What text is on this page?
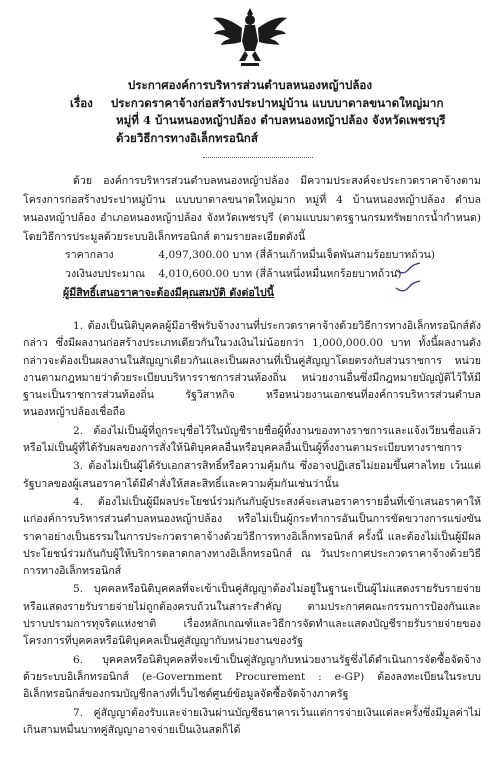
ประกาศองค์การบริหารส่วนตำบลหนองหญ้าปล้อง
เรื่อง ประกวดราคาจ้างก่อสร้างประปาหมู่บ้าน แบบบาดาลขนาดใหญ่มาก
หมู่ที่ 4 บ้านหนองหญ้าปล้อง ตำบลหนองหญ้าปล้อง จังหวัดเพชรบุรี
ด้วยวิธีการทางอิเล็กทรอนิกส์

ด้วย องค์การบริหารส่วนตำบลหนองหญ้าปล้อง มีความประสงค์จะประกวดราคาจ้างตามโครงการก่อสร้างประปาหมู่บ้าน แบบบาดาลขนาดใหญ่มาก หมู่ที่ 4 บ้านหนองหญ้าปล้อง ตำบลหนองหญ้าปล้อง อำเภอหนองหญ้าปล้อง จังหวัดเพชรบุรี (ตามแบบมาตรฐานกรมทรัพยากรน้ำกำหนด) โดยวิธีการประมูลด้วยระบบอิเล็กทรอนิกส์ ตามรายละเอียดดังนี้

ราคากลาง	4,097,300.00 บาท (สี่ล้านเก้าหมื่นเจ็ดพันสามร้อยบาทถ้วน)

วงเงินงบประมาณ 4,010,600.00 บาท (สี่ล้านหนึ่งหมื่นหกร้อยบาทถ้วน)

ผู้มีสิทธิ์เสนอราคาจะต้องมีคุณสมบัติ ดังต่อไปนี้

1. ต้องเป็นนิติบุคคลผู้มีอาชีพรับจ้างงานที่ประกวดราคาจ้างด้วยวิธีการทางอิเล็กทรอนิกส์ดังกล่าว ซึ่งมีผลงานก่อสร้างประเภทเดียวกันในวงเงินไม่น้อยกว่า 1,000,000.00 บาท ทั้งนี้ผลงานดังกล่าวจะต้องเป็นผลงานในสัญญาเดียวกันและเป็นผลงานที่เป็นคู่สัญญาโดยตรงกับส่วนราชการ หน่วยงานตามกฎหมายว่าด้วยระเบียบบริหารราชการส่วนท้องถิ่น หน่วยงานอื่นซึ่งมีกฎหมายบัญญัติไว้ให้มีฐานะเป็นราชการส่วนท้องถิ่น รัฐวิสาหกิจ หรือหน่วยงานเอกชนที่องค์การบริหารส่วนตำบลหนองหญ้าปล้องเชื่อถือ

2. ต้องไม่เป็นผู้ที่ถูกระบุชื่อไว้ในบัญชีรายชื่อผู้ทิ้งงานของทางราชการและแจ้งเวียนชื่อแล้ว หรือไม่เป็นผู้ที่ได้รับผลของการสั่งให้นิติบุคคลอื่นหรือบุคคลอื่นเป็นผู้ทิ้งงานตามระเบียบทางราชการ

3. ต้องไม่เป็นผู้ได้รับเอกสารสิทธิ์หรือความคุ้มกัน ซึ่งอาจปฏิเสธไม่ยอมขึ้นศาลไทย เว้นแต่รัฐบาลของผู้เสนอราคาได้มีคำสั่งให้สละสิทธิ์และความคุ้มกันเช่นว่านั้น

4. ต้องไม่เป็นผู้มีผลประโยชน์ร่วมกันกับผู้ประสงค์จะเสนอราคารายอื่นที่เข้าเสนอราคาให้แก่องค์การบริหารส่วนตำบลหนองหญ้าปล้อง หรือไม่เป็นผู้กระทำการอันเป็นการขัดขวางการแข่งขันราคาอย่างเป็นธรรมในการประกวดราคาจ้างด้วยวิธีการทางอิเล็กทรอนิกส์ ครั้งนี้ และต้องไม่เป็นผู้มีผลประโยชน์ร่วมกันกับผู้ให้บริการตลาดกลางทางอิเล็กทรอนิกส์ ณ วันประกาศประกวดราคาจ้างด้วยวิธีการทางอิเล็กทรอนิกส์

5. บุคคลหรือนิติบุคคลที่จะเข้าเป็นคู่สัญญาต้องไม่อยู่ในฐานะเป็นผู้ไม่แสดงรายรับรายจ่ายหรือแสดงรายรับรายจ่ายไม่ถูกต้องครบถ้วนในสาระสำคัญ ตามประกาศคณะกรรมการป้องกันและปราบปรามการทุจริตแห่งชาติ เรื่องหลักเกณฑ์และวิธีการจัดทำและแสดงบัญชีรายรับรายจ่ายของโครงการที่บุคคลหรือนิติบุคคลเป็นคู่สัญญากับหน่วยงานของรัฐ

6. บุคคลหรือนิติบุคคลที่จะเข้าเป็นคู่สัญญากับหน่วยงานรัฐซึ่งได้ดำเนินการจัดซื้อจัดจ้างด้วยระบบอิเล็กทรอนิกส์ (e-Government Procurement : e-GP) ต้องลงทะเบียนในระบบอิเล็กทรอนิกส์ของกรมบัญชีกลางที่เว็บไซต์ศูนย์ข้อมูลจัดซื้อจัดจ้างภาครัฐ

7. คู่สัญญาต้องรับและจ่ายเงินผ่านบัญชีธนาคารเว้นแต่การจ่ายเงินแต่ละครั้งซึ่งมีมูลค่าไม่เกินสามหมื่นบาทคู่สัญญาอาจจ่ายเป็นเงินสดก็ได้
